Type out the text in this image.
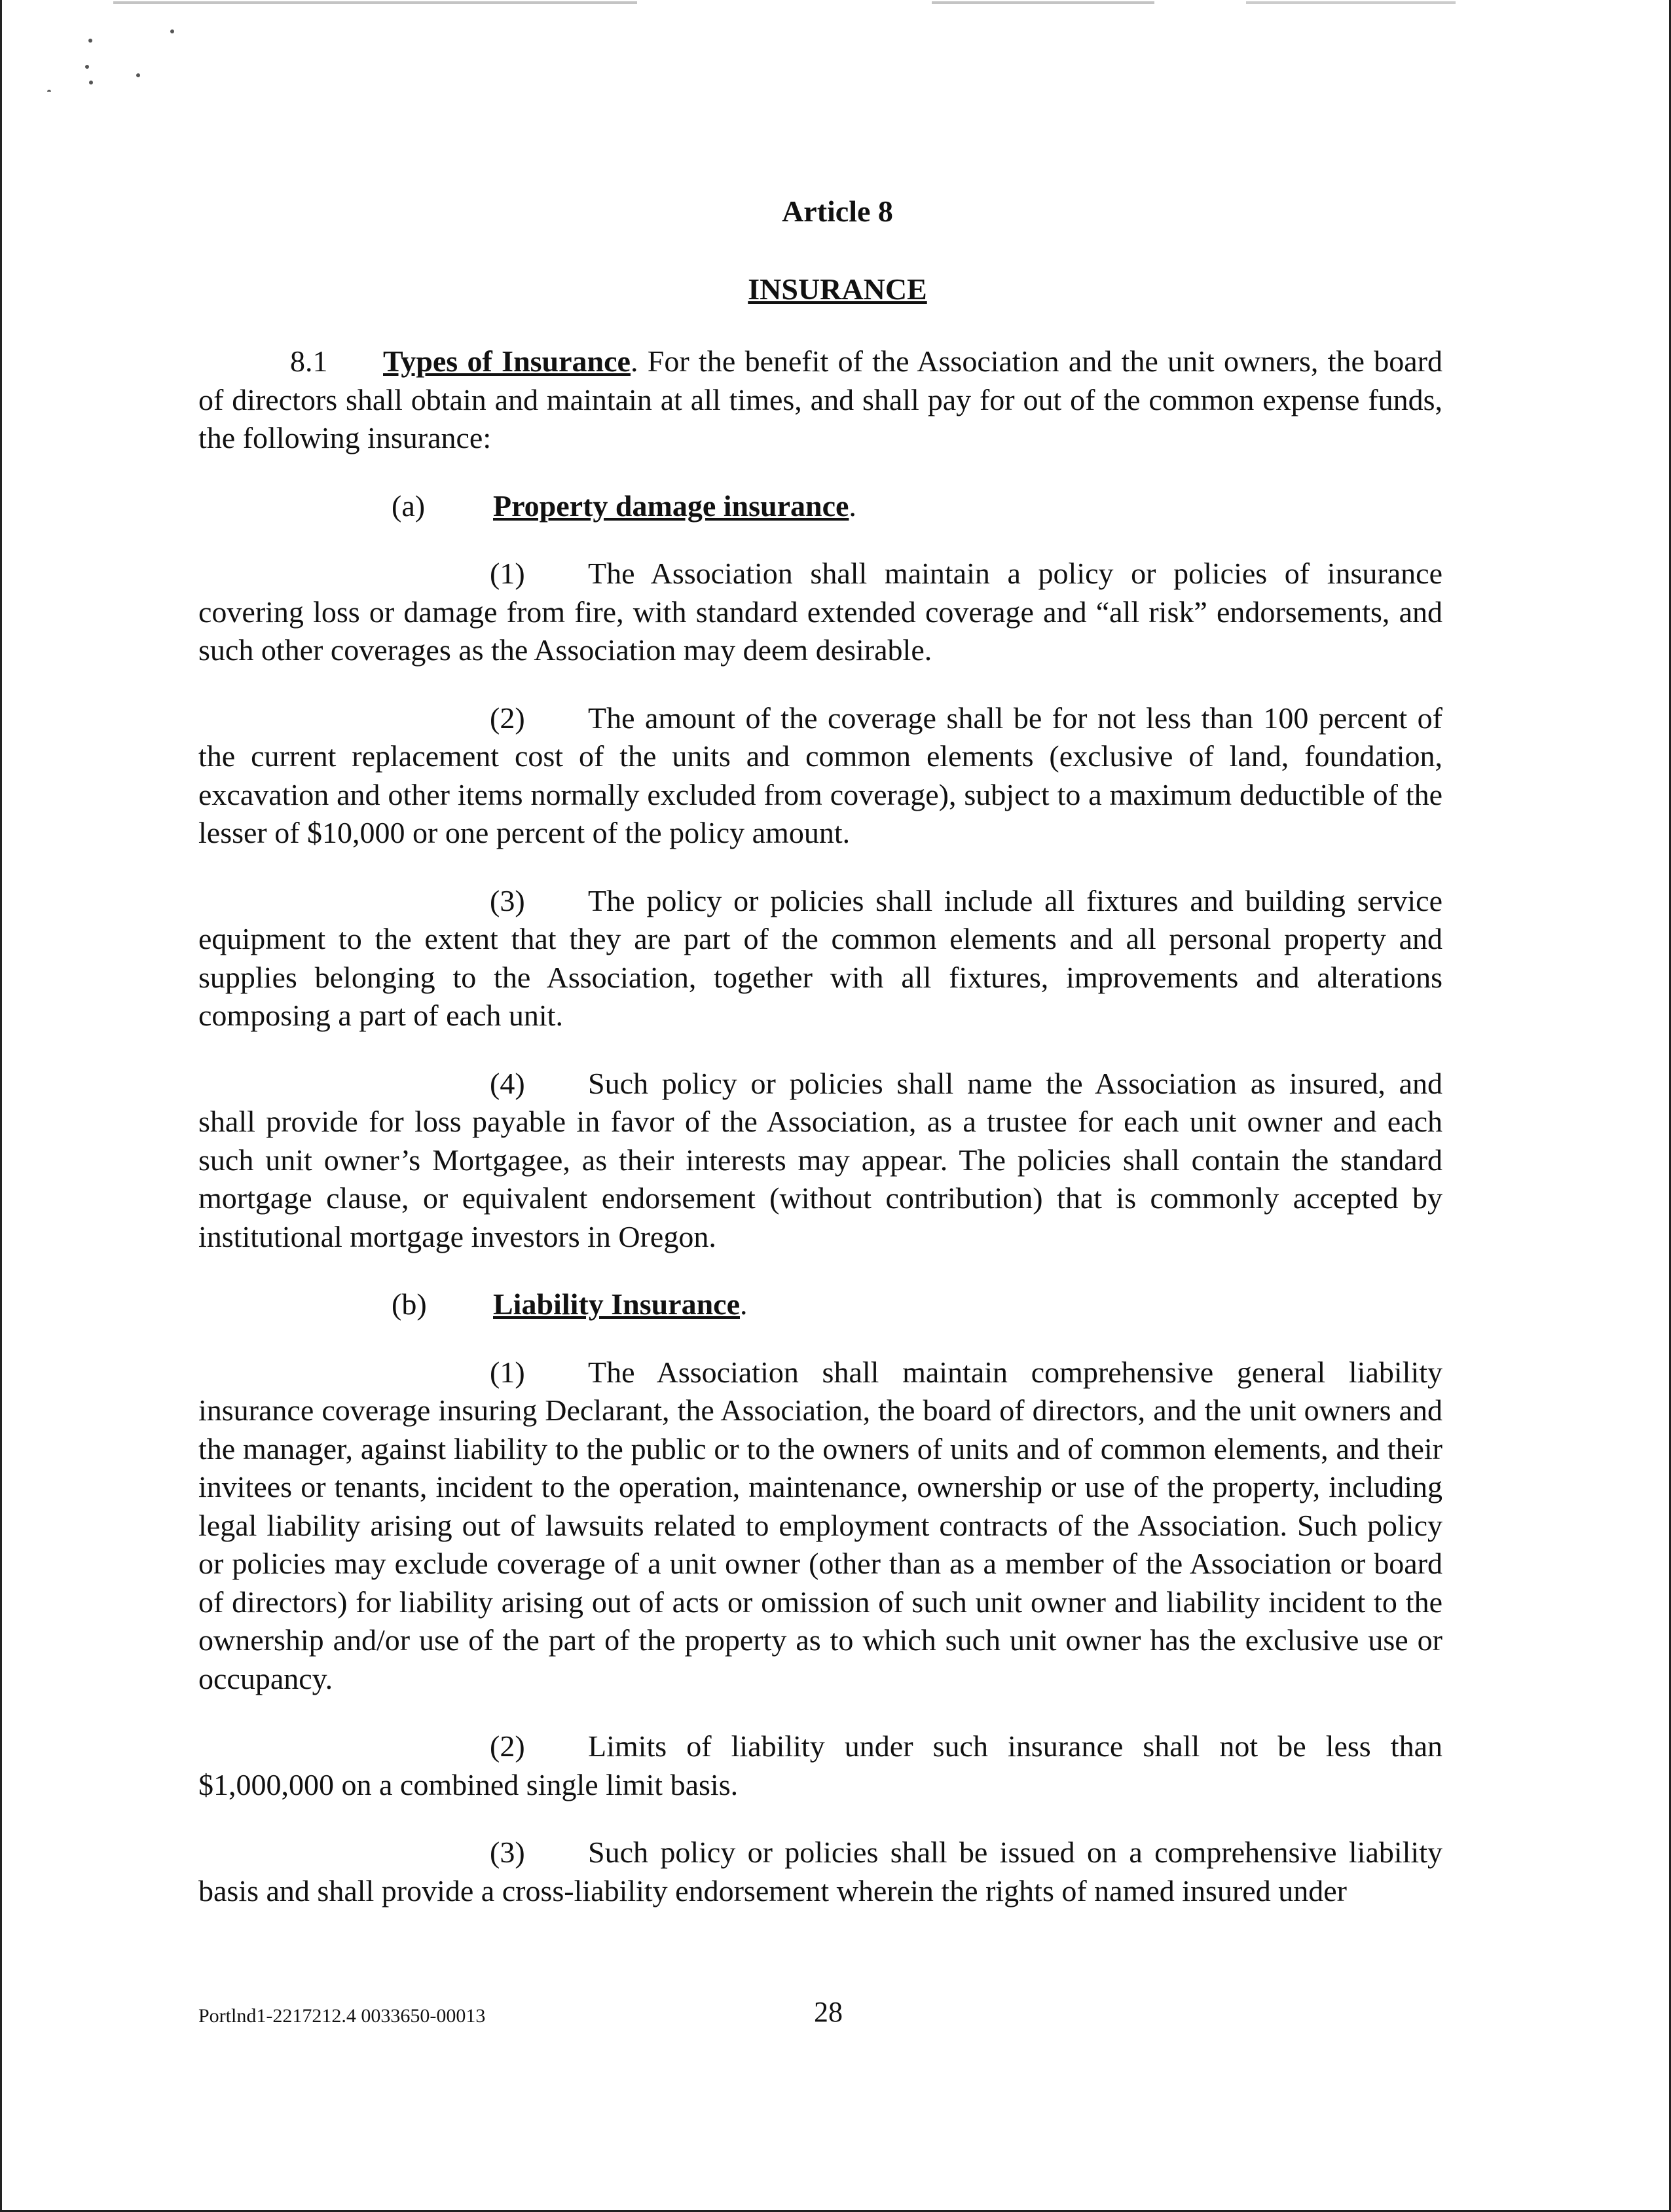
Article 8
INSURANCE

8.1 Types of Insurance. For the benefit of the Association and the unit owners, the board of directors shall obtain and maintain at all times, and shall pay for out of the common expense funds, the following insurance:

(a) Property damage insurance.

(1) The Association shall maintain a policy or policies of insurance covering loss or damage from fire, with standard extended coverage and “all risk” endorsements, and such other coverages as the Association may deem desirable.

(2) The amount of the coverage shall be for not less than 100 percent of the current replacement cost of the units and common elements (exclusive of land, foundation, excavation and other items normally excluded from coverage), subject to a maximum deductible of the lesser of $10,000 or one percent of the policy amount.

(3) The policy or policies shall include all fixtures and building service equipment to the extent that they are part of the common elements and all personal property and supplies belonging to the Association, together with all fixtures, improvements and alterations composing a part of each unit.

(4) Such policy or policies shall name the Association as insured, and shall provide for loss payable in favor of the Association, as a trustee for each unit owner and each such unit owner’s Mortgagee, as their interests may appear. The policies shall contain the standard mortgage clause, or equivalent endorsement (without contribution) that is commonly accepted by institutional mortgage investors in Oregon.

(b) Liability Insurance.

(1) The Association shall maintain comprehensive general liability insurance coverage insuring Declarant, the Association, the board of directors, and the unit owners and the manager, against liability to the public or to the owners of units and of common elements, and their invitees or tenants, incident to the operation, maintenance, ownership or use of the property, including legal liability arising out of lawsuits related to employment contracts of the Association. Such policy or policies may exclude coverage of a unit owner (other than as a member of the Association or board of directors) for liability arising out of acts or omission of such unit owner and liability incident to the ownership and/or use of the part of the property as to which such unit owner has the exclusive use or occupancy.

(2) Limits of liability under such insurance shall not be less than $1,000,000 on a combined single limit basis.

(3) Such policy or policies shall be issued on a comprehensive liability basis and shall provide a cross-liability endorsement wherein the rights of named insured under

Portlnd1-2217212.4 0033650-00013	28
